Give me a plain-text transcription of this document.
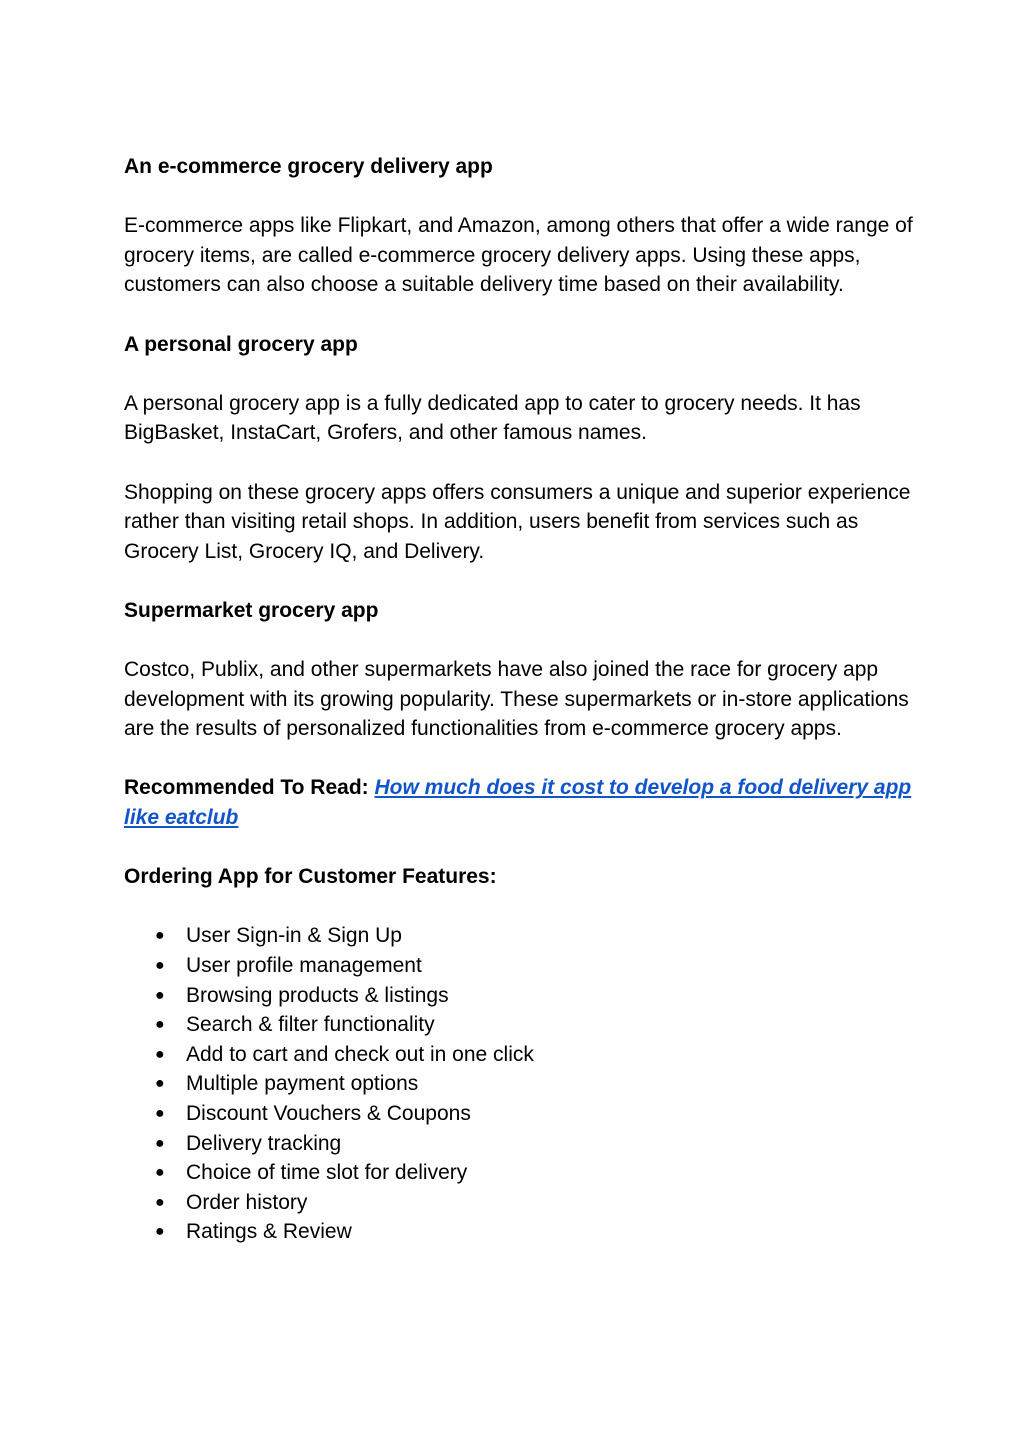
An e-commerce grocery delivery app

E-commerce apps like Flipkart, and Amazon, among others that offer a wide range of grocery items, are called e-commerce grocery delivery apps. Using these apps, customers can also choose a suitable delivery time based on their availability.

A personal grocery app

A personal grocery app is a fully dedicated app to cater to grocery needs. It has BigBasket, InstaCart, Grofers, and other famous names.

Shopping on these grocery apps offers consumers a unique and superior experience rather than visiting retail shops. In addition, users benefit from services such as Grocery List, Grocery IQ, and Delivery.

Supermarket grocery app

Costco, Publix, and other supermarkets have also joined the race for grocery app development with its growing popularity. These supermarkets or in-store applications are the results of personalized functionalities from e-commerce grocery apps.

Recommended To Read: How much does it cost to develop a food delivery app like eatclub

Ordering App for Customer Features:
● User Sign-in & Sign Up
● User profile management
● Browsing products & listings
● Search & filter functionality
● Add to cart and check out in one click
● Multiple payment options
● Discount Vouchers & Coupons
● Delivery tracking
● Choice of time slot for delivery
● Order history
● Ratings & Review
